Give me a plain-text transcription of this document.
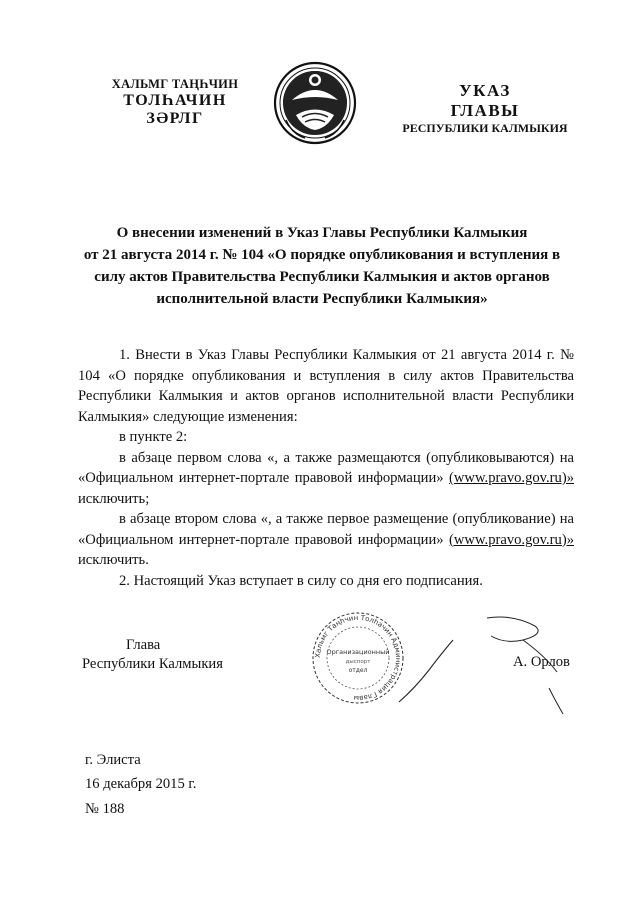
ХАЛЬМГ ТАҢҺЧИН
ТОЛҺАЧИН
ЗӘРЛГ
УКАЗ
ГЛАВЫ
РЕСПУБЛИКИ КАЛМЫКИЯ
О внесении изменений в Указ Главы Республики Калмыкия
от 21 августа 2014 г. № 104 «О порядке опубликования и вступления в
силу актов Правительства Республики Калмыкия и актов органов
исполнительной власти Республики Калмыкия»

1. Внести в Указ Главы Республики Калмыкия от 21 августа 2014 г. № 104 «О порядке опубликования и вступления в силу актов Правительства Республики Калмыкия и актов органов исполнительной власти Республики Калмыкия» следующие изменения:

в пункте 2:

в абзаце первом слова «, а также размещаются (опубликовываются) на «Официальном интернет-портале правовой информации» (www.pravo.gov.ru)» исключить;

в абзаце втором слова «, а также первое размещение (опубликование) на «Официальном интернет-портале правовой информации» (www.pravo.gov.ru)» исключить.

2. Настоящий Указ вступает в силу со дня его подписания.

Глава
Республики Калмыкия
Хальмг Таңһчин Толһачин Администрация Главы
Организационный
дыспорт
отдел
А. Орлов
г. Элиста
16 декабря 2015 г.
№ 188
